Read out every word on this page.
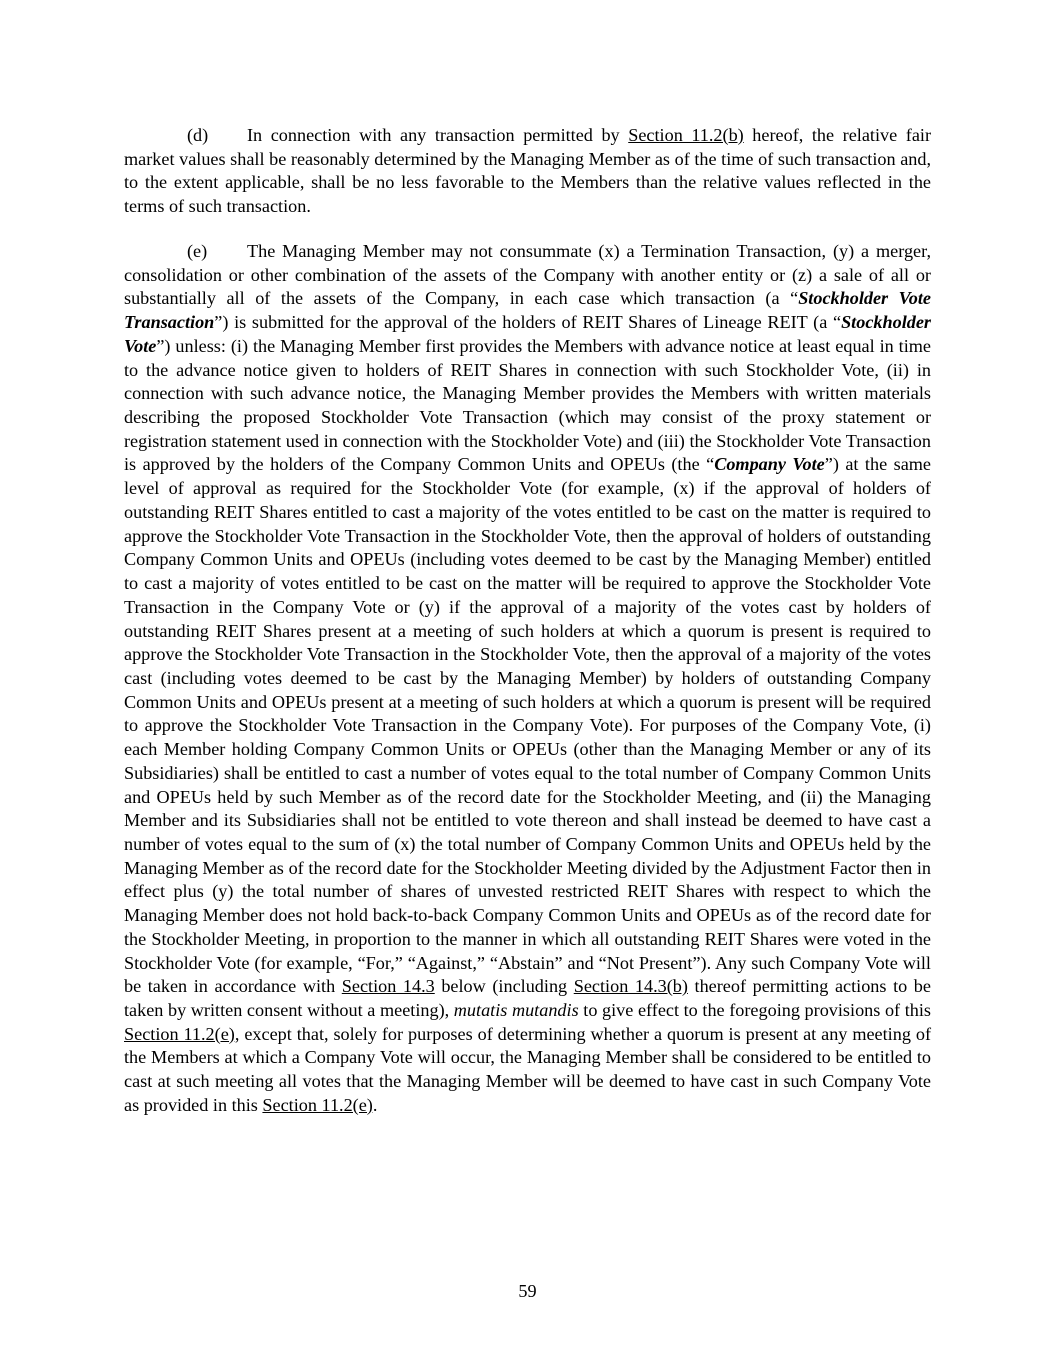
(d) In connection with any transaction permitted by Section 11.2(b) hereof, the relative fair market values shall be reasonably determined by the Managing Member as of the time of such transaction and, to the extent applicable, shall be no less favorable to the Members than the relative values reflected in the terms of such transaction.

(e) The Managing Member may not consummate (x) a Termination Transaction, (y) a merger, consolidation or other combination of the assets of the Company with another entity or (z) a sale of all or substantially all of the assets of the Company, in each case which transaction (a “Stockholder Vote Transaction”) is submitted for the approval of the holders of REIT Shares of Lineage REIT (a “Stockholder Vote”) unless: (i) the Managing Member first provides the Members with advance notice at least equal in time to the advance notice given to holders of REIT Shares in connection with such Stockholder Vote, (ii) in connection with such advance notice, the Managing Member provides the Members with written materials describing the proposed Stockholder Vote Transaction (which may consist of the proxy statement or registration statement used in connection with the Stockholder Vote) and (iii) the Stockholder Vote Transaction is approved by the holders of the Company Common Units and OPEUs (the “Company Vote”) at the same level of approval as required for the Stockholder Vote (for example, (x) if the approval of holders of outstanding REIT Shares entitled to cast a majority of the votes entitled to be cast on the matter is required to approve the Stockholder Vote Transaction in the Stockholder Vote, then the approval of holders of outstanding Company Common Units and OPEUs (including votes deemed to be cast by the Managing Member) entitled to cast a majority of votes entitled to be cast on the matter will be required to approve the Stockholder Vote Transaction in the Company Vote or (y) if the approval of a majority of the votes cast by holders of outstanding REIT Shares present at a meeting of such holders at which a quorum is present is required to approve the Stockholder Vote Transaction in the Stockholder Vote, then the approval of a majority of the votes cast (including votes deemed to be cast by the Managing Member) by holders of outstanding Company Common Units and OPEUs present at a meeting of such holders at which a quorum is present will be required to approve the Stockholder Vote Transaction in the Company Vote). For purposes of the Company Vote, (i) each Member holding Company Common Units or OPEUs (other than the Managing Member or any of its Subsidiaries) shall be entitled to cast a number of votes equal to the total number of Company Common Units and OPEUs held by such Member as of the record date for the Stockholder Meeting, and (ii) the Managing Member and its Subsidiaries shall not be entitled to vote thereon and shall instead be deemed to have cast a number of votes equal to the sum of (x) the total number of Company Common Units and OPEUs held by the Managing Member as of the record date for the Stockholder Meeting divided by the Adjustment Factor then in effect plus (y) the total number of shares of unvested restricted REIT Shares with respect to which the Managing Member does not hold back-to-back Company Common Units and OPEUs as of the record date for the Stockholder Meeting, in proportion to the manner in which all outstanding REIT Shares were voted in the Stockholder Vote (for example, “For,” “Against,” “Abstain” and “Not Present”). Any such Company Vote will be taken in accordance with Section 14.3 below (including Section 14.3(b) thereof permitting actions to be taken by written consent without a meeting), mutatis mutandis to give effect to the foregoing provisions of this Section 11.2(e), except that, solely for purposes of determining whether a quorum is present at any meeting of the Members at which a Company Vote will occur, the Managing Member shall be considered to be entitled to cast at such meeting all votes that the Managing Member will be deemed to have cast in such Company Vote as provided in this Section 11.2(e).

59
